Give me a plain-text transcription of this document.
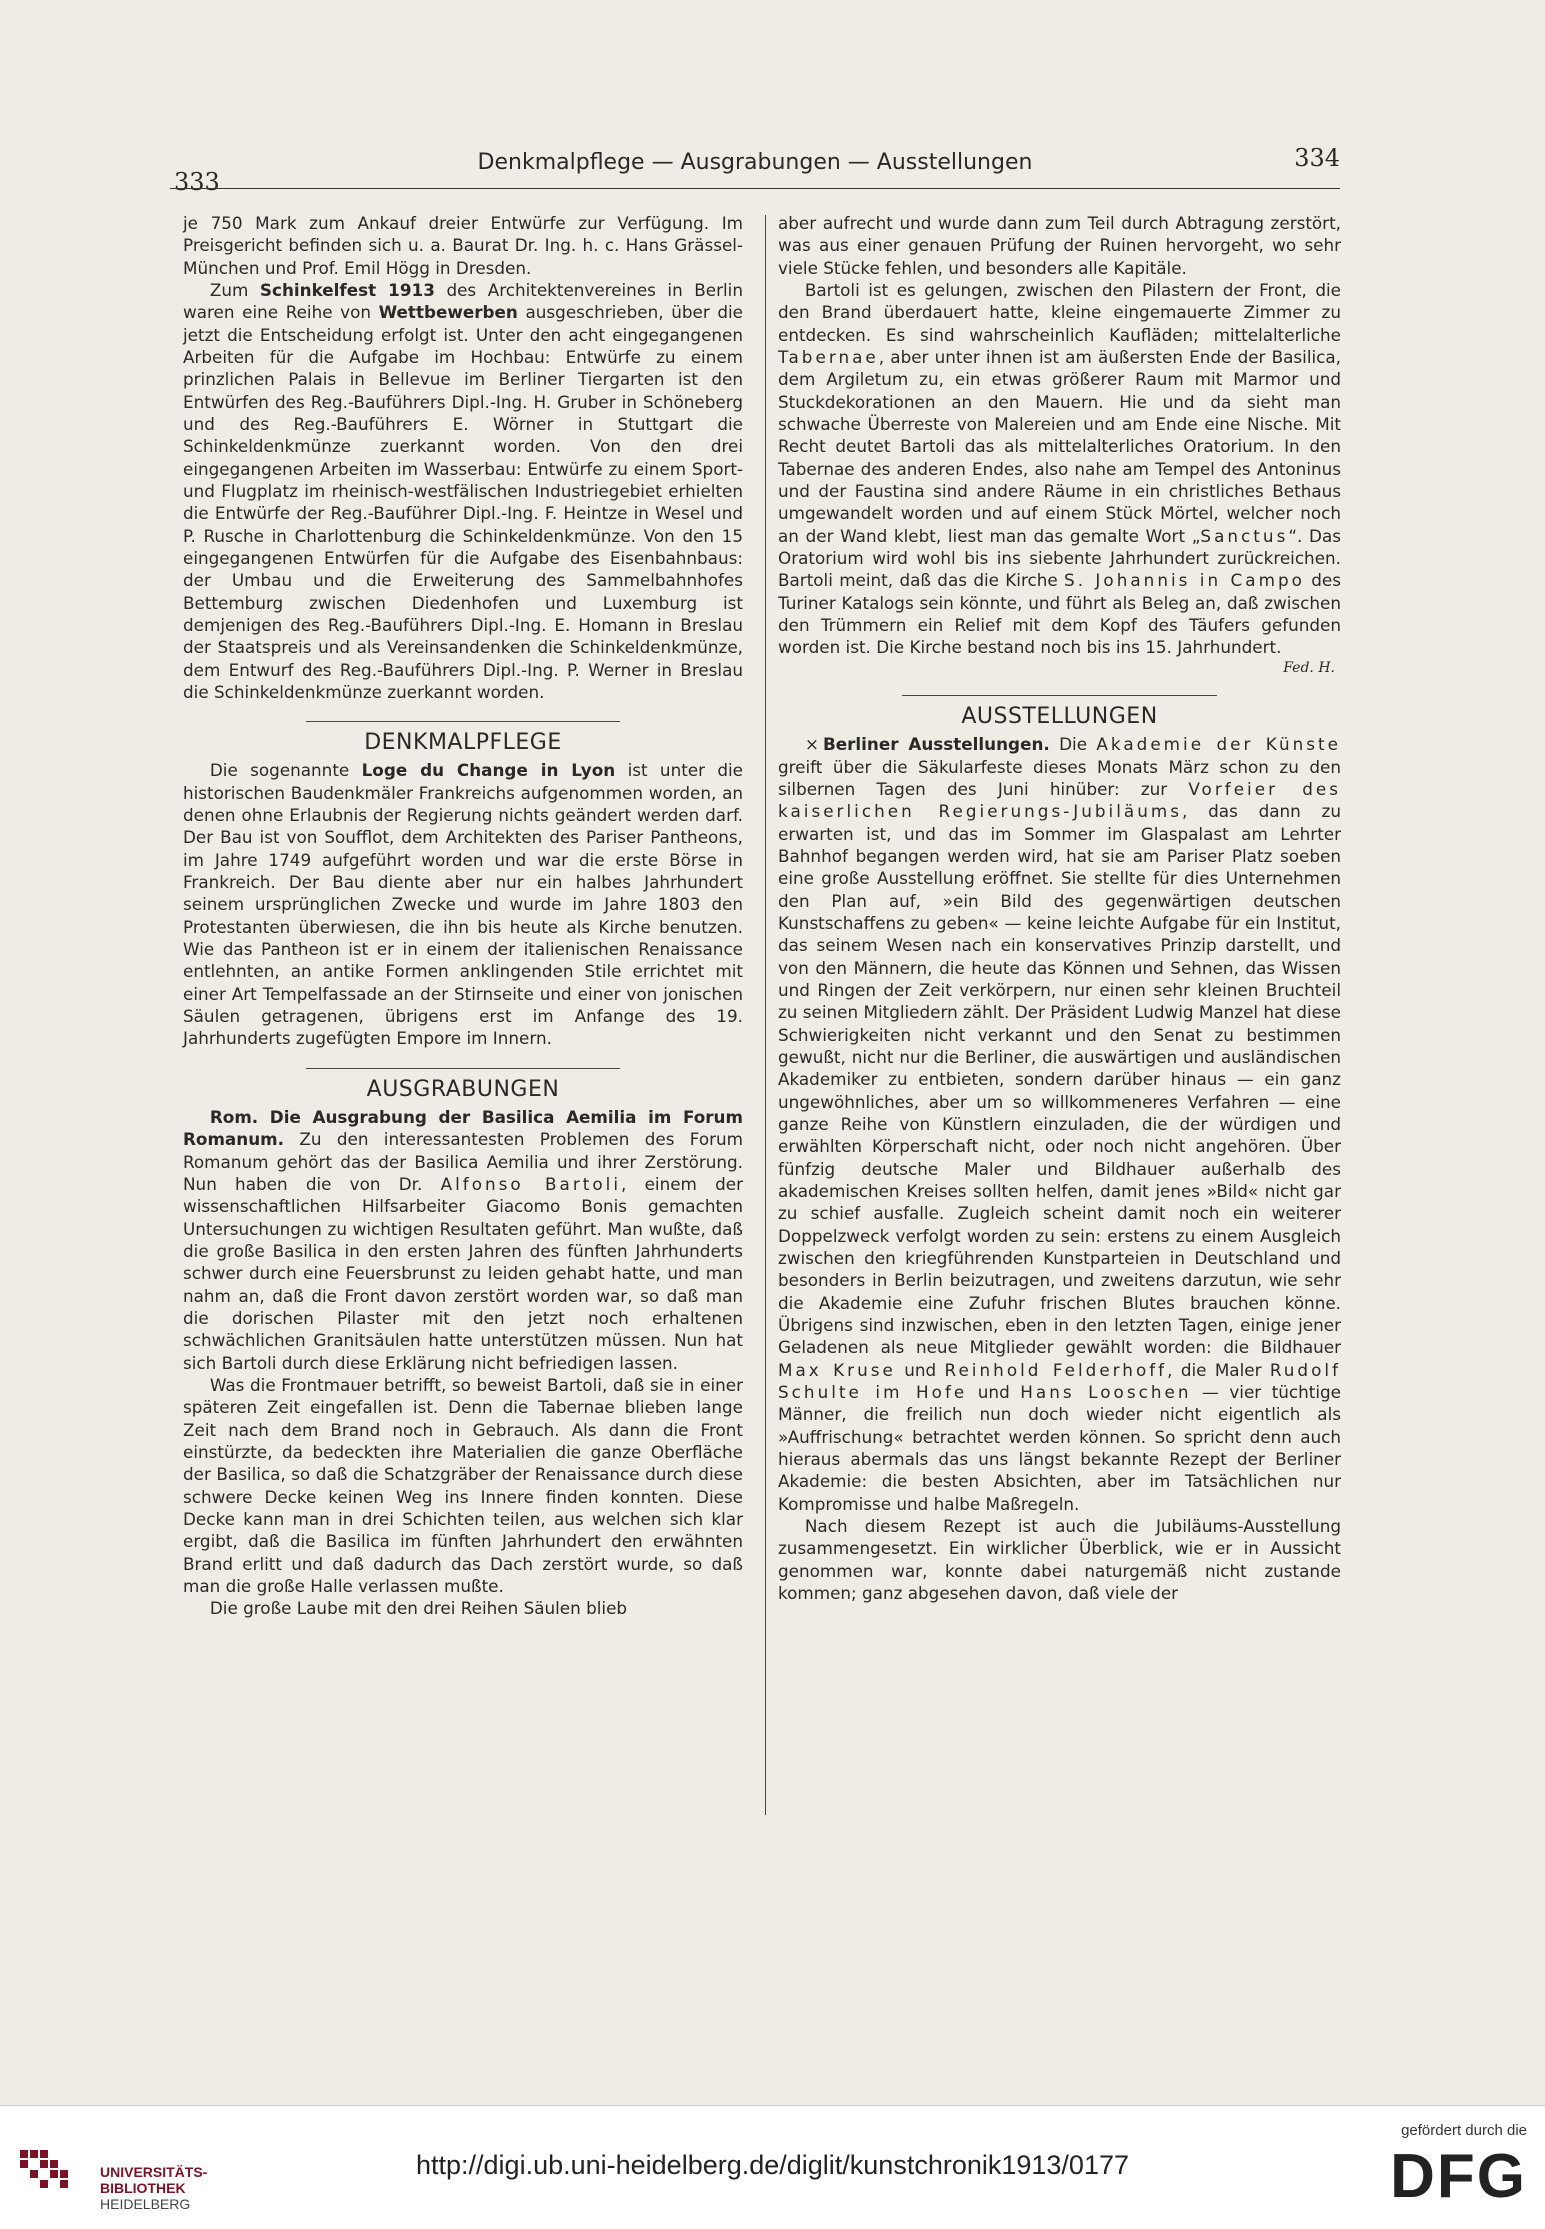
333
Denkmalpflege — Ausgrabungen — Ausstellungen	334

je 750 Mark zum Ankauf dreier Entwürfe zur Verfügung. Im Preisgericht befinden sich u. a. Baurat Dr. Ing. h. c. Hans Grässel-München und Prof. Emil Högg in Dresden.

Zum Schinkelfest 1913 des Architektenvereines in Berlin waren eine Reihe von Wettbewerben ausgeschrieben, über die jetzt die Entscheidung erfolgt ist. Unter den acht eingegangenen Arbeiten für die Aufgabe im Hochbau: Entwürfe zu einem prinzlichen Palais in Bellevue im Berliner Tiergarten ist den Entwürfen des Reg.-Bauführers Dipl.-Ing. H. Gruber in Schöneberg und des Reg.-Bauführers E. Wörner in Stuttgart die Schinkeldenkmünze zuerkannt worden. Von den drei eingegangenen Arbeiten im Wasserbau: Entwürfe zu einem Sport- und Flugplatz im rheinisch-westfälischen Industriegebiet erhielten die Entwürfe der Reg.-Bauführer Dipl.-Ing. F. Heintze in Wesel und P. Rusche in Charlottenburg die Schinkeldenkmünze. Von den 15 eingegangenen Entwürfen für die Aufgabe des Eisenbahnbaus: der Umbau und die Erweiterung des Sammelbahnhofes Bettemburg zwischen Diedenhofen und Luxemburg ist demjenigen des Reg.-Bauführers Dipl.-Ing. E. Homann in Breslau der Staatspreis und als Vereinsandenken die Schinkeldenkmünze, dem Entwurf des Reg.-Bauführers Dipl.-Ing. P. Werner in Breslau die Schinkeldenkmünze zuerkannt worden.

DENKMALPFLEGE

Die sogenannte Loge du Change in Lyon ist unter die historischen Baudenkmäler Frankreichs aufgenommen worden, an denen ohne Erlaubnis der Regierung nichts geändert werden darf. Der Bau ist von Soufflot, dem Architekten des Pariser Pantheons, im Jahre 1749 aufgeführt worden und war die erste Börse in Frankreich. Der Bau diente aber nur ein halbes Jahrhundert seinem ursprünglichen Zwecke und wurde im Jahre 1803 den Protestanten überwiesen, die ihn bis heute als Kirche benutzen. Wie das Pantheon ist er in einem der italienischen Renaissance entlehnten, an antike Formen anklingenden Stile errichtet mit einer Art Tempelfassade an der Stirnseite und einer von jonischen Säulen getragenen, übrigens erst im Anfange des 19. Jahrhunderts zugefügten Empore im Innern.

AUSGRABUNGEN

Rom. Die Ausgrabung der Basilica Aemilia im Forum Romanum. Zu den interessantesten Problemen des Forum Romanum gehört das der Basilica Aemilia und ihrer Zerstörung. Nun haben die von Dr. Alfonso Bartoli, einem der wissenschaftlichen Hilfsarbeiter Giacomo Bonis gemachten Untersuchungen zu wichtigen Resultaten geführt. Man wußte, daß die große Basilica in den ersten Jahren des fünften Jahrhunderts schwer durch eine Feuersbrunst zu leiden gehabt hatte, und man nahm an, daß die Front davon zerstört worden war, so daß man die dorischen Pilaster mit den jetzt noch erhaltenen schwächlichen Granitsäulen hatte unterstützen müssen. Nun hat sich Bartoli durch diese Erklärung nicht befriedigen lassen.

Was die Frontmauer betrifft, so beweist Bartoli, daß sie in einer späteren Zeit eingefallen ist. Denn die Tabernae blieben lange Zeit nach dem Brand noch in Gebrauch. Als dann die Front einstürzte, da bedeckten ihre Materialien die ganze Oberfläche der Basilica, so daß die Schatzgräber der Renaissance durch diese schwere Decke keinen Weg ins Innere finden konnten. Diese Decke kann man in drei Schichten teilen, aus welchen sich klar ergibt, daß die Basilica im fünften Jahrhundert den erwähnten Brand erlitt und daß dadurch das Dach zerstört wurde, so daß man die große Halle verlassen mußte.

Die große Laube mit den drei Reihen Säulen blieb

aber aufrecht und wurde dann zum Teil durch Abtragung zerstört, was aus einer genauen Prüfung der Ruinen hervorgeht, wo sehr viele Stücke fehlen, und besonders alle Kapitäle.

Bartoli ist es gelungen, zwischen den Pilastern der Front, die den Brand überdauert hatte, kleine eingemauerte Zimmer zu entdecken. Es sind wahrscheinlich Kaufläden; mittelalterliche Tabernae, aber unter ihnen ist am äußersten Ende der Basilica, dem Argiletum zu, ein etwas größerer Raum mit Marmor und Stuckdekorationen an den Mauern. Hie und da sieht man schwache Überreste von Malereien und am Ende eine Nische. Mit Recht deutet Bartoli das als mittelalterliches Oratorium. In den Tabernae des anderen Endes, also nahe am Tempel des Antoninus und der Faustina sind andere Räume in ein christliches Bethaus umgewandelt worden und auf einem Stück Mörtel, welcher noch an der Wand klebt, liest man das gemalte Wort „Sanctus“. Das Oratorium wird wohl bis ins siebente Jahrhundert zurückreichen. Bartoli meint, daß das die Kirche S. Johannis in Campo des Turiner Katalogs sein könnte, und führt als Beleg an, daß zwischen den Trümmern ein Relief mit dem Kopf des Täufers gefunden worden ist. Die Kirche bestand noch bis ins 15. Jahrhundert.

Fed. H.
AUSSTELLUNGEN

× Berliner Ausstellungen. Die Akademie der Künste greift über die Säkularfeste dieses Monats März schon zu den silbernen Tagen des Juni hinüber: zur Vorfeier des kaiserlichen Regierungs-Jubiläums, das dann zu erwarten ist, und das im Sommer im Glaspalast am Lehrter Bahnhof begangen werden wird, hat sie am Pariser Platz soeben eine große Ausstellung eröffnet. Sie stellte für dies Unternehmen den Plan auf, »ein Bild des gegenwärtigen deutschen Kunstschaffens zu geben« — keine leichte Aufgabe für ein Institut, das seinem Wesen nach ein konservatives Prinzip darstellt, und von den Männern, die heute das Können und Sehnen, das Wissen und Ringen der Zeit verkörpern, nur einen sehr kleinen Bruchteil zu seinen Mitgliedern zählt. Der Präsident Ludwig Manzel hat diese Schwierigkeiten nicht verkannt und den Senat zu bestimmen gewußt, nicht nur die Berliner, die auswärtigen und ausländischen Akademiker zu entbieten, sondern darüber hinaus — ein ganz ungewöhnliches, aber um so willkommeneres Verfahren — eine ganze Reihe von Künstlern einzuladen, die der würdigen und erwählten Körperschaft nicht, oder noch nicht angehören. Über fünfzig deutsche Maler und Bildhauer außerhalb des akademischen Kreises sollten helfen, damit jenes »Bild« nicht gar zu schief ausfalle. Zugleich scheint damit noch ein weiterer Doppelzweck verfolgt worden zu sein: erstens zu einem Ausgleich zwischen den kriegführenden Kunstparteien in Deutschland und besonders in Berlin beizutragen, und zweitens darzutun, wie sehr die Akademie eine Zufuhr frischen Blutes brauchen könne. Übrigens sind inzwischen, eben in den letzten Tagen, einige jener Geladenen als neue Mitglieder gewählt worden: die Bildhauer Max Kruse und Reinhold Felderhoff, die Maler Rudolf Schulte im Hofe und Hans Looschen — vier tüchtige Männer, die freilich nun doch wieder nicht eigentlich als »Auffrischung« betrachtet werden können. So spricht denn auch hieraus abermals das uns längst bekannte Rezept der Berliner Akademie: die besten Absichten, aber im Tatsächlichen nur Kompromisse und halbe Maßregeln.

Nach diesem Rezept ist auch die Jubiläums-Ausstellung zusammengesetzt. Ein wirklicher Überblick, wie er in Aussicht genommen war, konnte dabei naturgemäß nicht zustande kommen; ganz abgesehen davon, daß viele der

UNIVERSITÄTS-
BIBLIOTHEK
HEIDELBERG
http://digi.ub.uni-heidelberg.de/diglit/kunstchronik1913/0177
gefördert durch die
DFG
